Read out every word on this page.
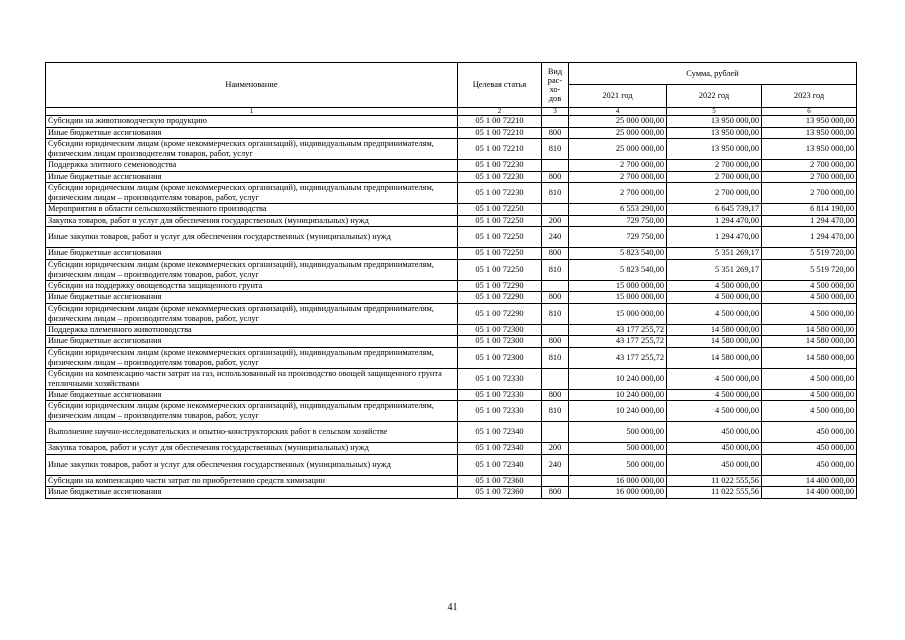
Наименование	Целевая статья	Вид рас-
хо-
дов	Сумма, рублей		
			2021 год	2022 год	2023 год
1	2	3	4	5	6
Субсидии на животноводческую продукцию	05 1 00 72210		25 000 000,00	13 950 000,00	13 950 000,00
Иные бюджетные ассигнования	05 1 00 72210	800	25 000 000,00	13 950 000,00	13 950 000,00
Субсидии юридическим лицам (кроме некоммерческих организаций), индивидуальным предпринимателям, физическим лицам производителям товаров, работ, услуг	05 1 00 72210	810	25 000 000,00	13 950 000,00	13 950 000,00
Поддержка элитного семеноводства	05 1 00 72230		2 700 000,00	2 700 000,00	2 700 000,00
Иные бюджетные ассигнования	05 1 00 72230	800	2 700 000,00	2 700 000,00	2 700 000,00
Субсидии юридическим лицам (кроме некоммерческих организаций), индивидуальным предпринимателям, физическим лицам – производителям товаров, работ, услуг	05 1 00 72230	810	2 700 000,00	2 700 000,00	2 700 000,00
Мероприятия в области сельскохозяйственного производства	05 1 00 72250		6 553 290,00	6 645 739,17	6 814 190,00
Закупка товаров, работ и услуг для обеспечения государственных (муниципальных) нужд	05 1 00 72250	200	729 750,00	1 294 470,00	1 294 470,00
Иные закупки товаров, работ и услуг для обеспечения государственных (муниципальных) нужд	05 1 00 72250	240	729 750,00	1 294 470,00	1 294 470,00
Иные бюджетные ассигнования	05 1 00 72250	800	5 823 540,00	5 351 269,17	5 519 720,00
Субсидии юридическим лицам (кроме некоммерческих организаций), индивидуальным предпринимателям, физическим лицам – производителям товаров, работ, услуг	05 1 00 72250	810	5 823 540,00	5 351 269,17	5 519 720,00
Субсидии на поддержку овощеводства защищенного грунта	05 1 00 72290		15 000 000,00	4 500 000,00	4 500 000,00
Иные бюджетные ассигнования	05 1 00 72290	800	15 000 000,00	4 500 000,00	4 500 000,00
Субсидии юридическим лицам (кроме некоммерческих организаций), индивидуальным предпринимателям, физическим лицам – производителям товаров, работ, услуг	05 1 00 72290	810	15 000 000,00	4 500 000,00	4 500 000,00
Поддержка племенного животноводства	05 1 00 72300		43 177 255,72	14 580 000,00	14 580 000,00
Иные бюджетные ассигнования	05 1 00 72300	800	43 177 255,72	14 580 000,00	14 580 000,00
Субсидии юридическим лицам (кроме некоммерческих организаций), индивидуальным предпринимателям, физическим лицам – производителям товаров, работ, услуг	05 1 00 72300	810	43 177 255,72	14 580 000,00	14 580 000,00
Субсидии на компенсацию части затрат на газ, использованный на производство овощей защищенного грунта тепличными хозяйствами	05 1 00 72330		10 240 000,00	4 500 000,00	4 500 000,00
Иные бюджетные ассигнования	05 1 00 72330	800	10 240 000,00	4 500 000,00	4 500 000,00
Субсидии юридическим лицам (кроме некоммерческих организаций), индивидуальным предпринимателям, физическим лицам – производителям товаров, работ, услуг	05 1 00 72330	810	10 240 000,00	4 500 000,00	4 500 000,00
Выполнение научно-исследовательских и опытно-конструкторских работ в сельском хозяйстве	05 1 00 72340		500 000,00	450 000,00	450 000,00
Закупка товаров, работ и услуг для обеспечения государственных (муниципальных) нужд	05 1 00 72340	200	500 000,00	450 000,00	450 000,00
Иные закупки товаров, работ и услуг для обеспечения государственных (муниципальных) нужд	05 1 00 72340	240	500 000,00	450 000,00	450 000,00
Субсидии на компенсацию части затрат по приобретению средств химизации	05 1 00 72360		16 000 000,00	11 022 555,56	14 400 000,00
Иные бюджетные ассигнования	05 1 00 72360	800	16 000 000,00	11 022 555,56	14 400 000,00
41
